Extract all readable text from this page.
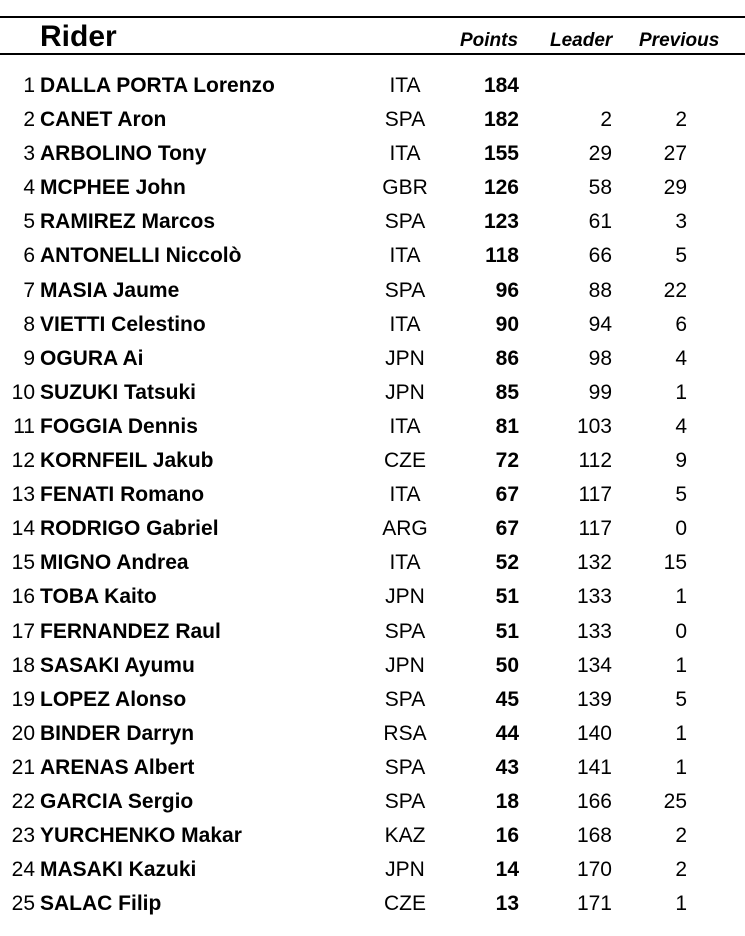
Rider	Points Leader Previous
1 DALLA PORTA Lorenzo	ITA	184
2 CANET Aron	SPA	182	2	2
3 ARBOLINO Tony	ITA	155	29 27
4 MCPHEE John	GBR	126	58 29
5 RAMIREZ Marcos	SPA	123	61	3
6 ANTONELLI Niccolò	ITA	118	66	5
7 MASIA Jaume	SPA	96	88 22
8 VIETTI Celestino	ITA	90	94	6
9 OGURA Ai	JPN	86	98	4
10 SUZUKI Tatsuki	JPN	85	99	1
11 FOGGIA Dennis	ITA	81	103	4
12 KORNFEIL Jakub	CZE	72	112	9
13 FENATI Romano	ITA	67	117	5
14 RODRIGO Gabriel	ARG	67	117	0
15 MIGNO Andrea	ITA	52	132 15
16 TOBA Kaito	JPN	51	133	1
17 FERNANDEZ Raul	SPA	51	133	0
18 SASAKI Ayumu	JPN	50	134	1
19 LOPEZ Alonso	SPA	45	139	5
20 BINDER Darryn	RSA	44	140	1
21 ARENAS Albert	SPA	43	141	1
22 GARCIA Sergio	SPA	18	166 25
23 YURCHENKO Makar	KAZ	16	168	2
24 MASAKI Kazuki	JPN	14	170	2
25 SALAC Filip	CZE	13	171	1
